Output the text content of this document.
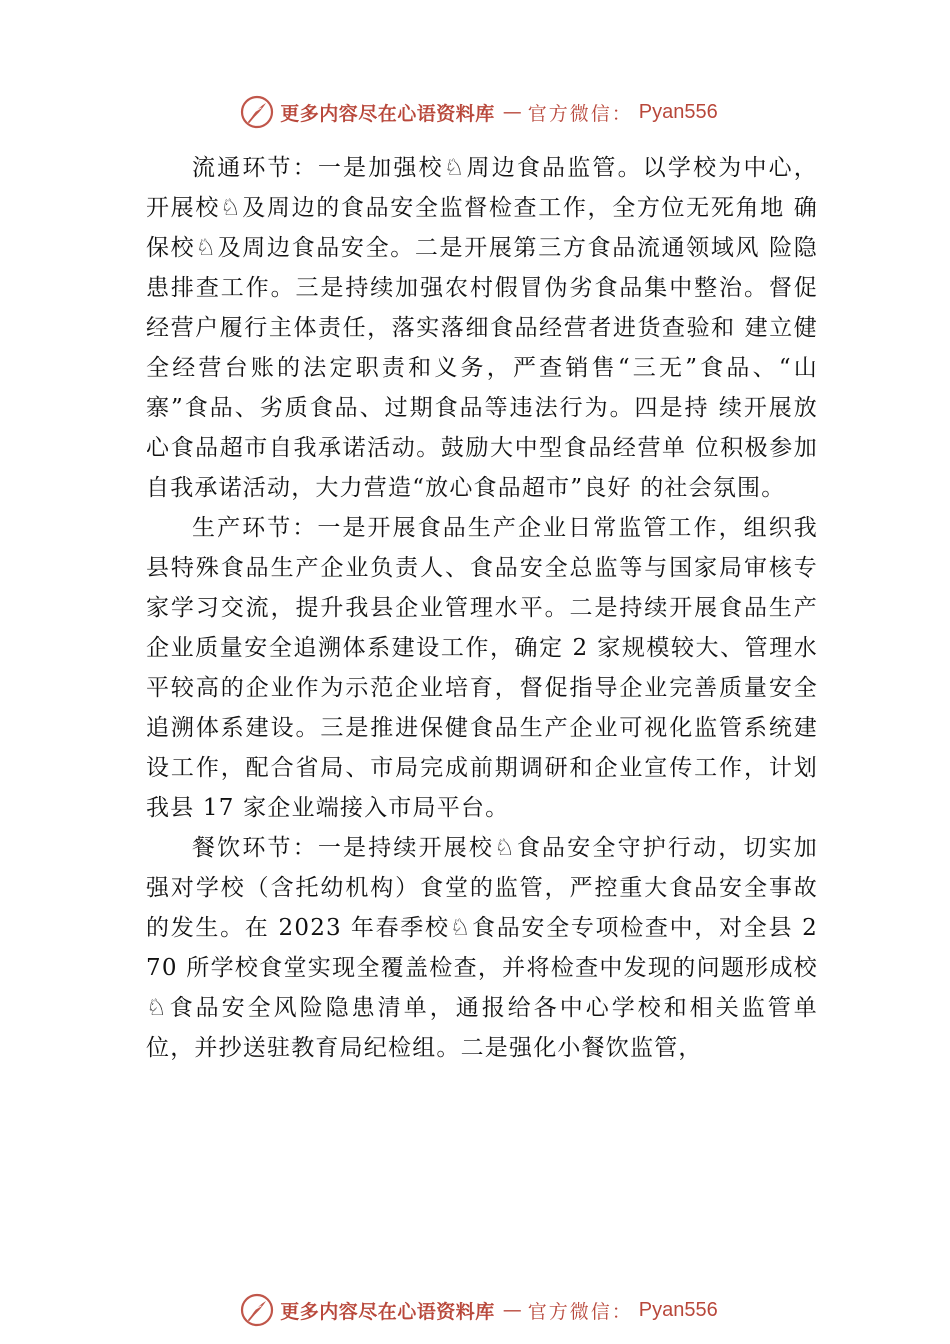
更多内容尽在心语资料库 — 官方微信： Pyan556

流通环节：一是加强校♘周边食品监管。以学校为中心，开展校♘及周边的食品安全监督检查工作，全方位无死角地 确保校♘及周边食品安全。二是开展第三方食品流通领域风 险隐患排查工作。三是持续加强农村假冒伪劣食品集中整治。督促经营户履行主体责任，落实落细食品经营者进货查验和 建立健全经营台账的法定职责和义务，严查销售“三无”食品、“山寨”食品、劣质食品、过期食品等违法行为。四是持 续开展放心食品超市自我承诺活动。鼓励大中型食品经营单 位积极参加自我承诺活动，大力营造“放心食品超市”良好 的社会氛围。

生产环节：一是开展食品生产企业日常监管工作，组织我县特殊食品生产企业负责人、食品安全总监等与国家局审核专家学习交流，提升我县企业管理水平。二是持续开展食品生产企业质量安全追溯体系建设工作，确定 2 家规模较大、管理水平较高的企业作为示范企业培育，督促指导企业完善质量安全追溯体系建设。三是推进保健食品生产企业可视化监管系统建设工作，配合省局、市局完成前期调研和企业宣传工作，计划我县 17 家企业端接入市局平台。

餐饮环节：一是持续开展校♘食品安全守护行动，切实加强对学校（含托幼机构）食堂的监管，严控重大食品安全事故的发生。在 2023 年春季校♘食品安全专项检查中，对全县 270 所学校食堂实现全覆盖检查，并将检查中发现的问题形成校♘食品安全风险隐患清单，通报给各中心学校和相关监管单位，并抄送驻教育局纪检组。二是强化小餐饮监管，

更多内容尽在心语资料库 — 官方微信： Pyan556
